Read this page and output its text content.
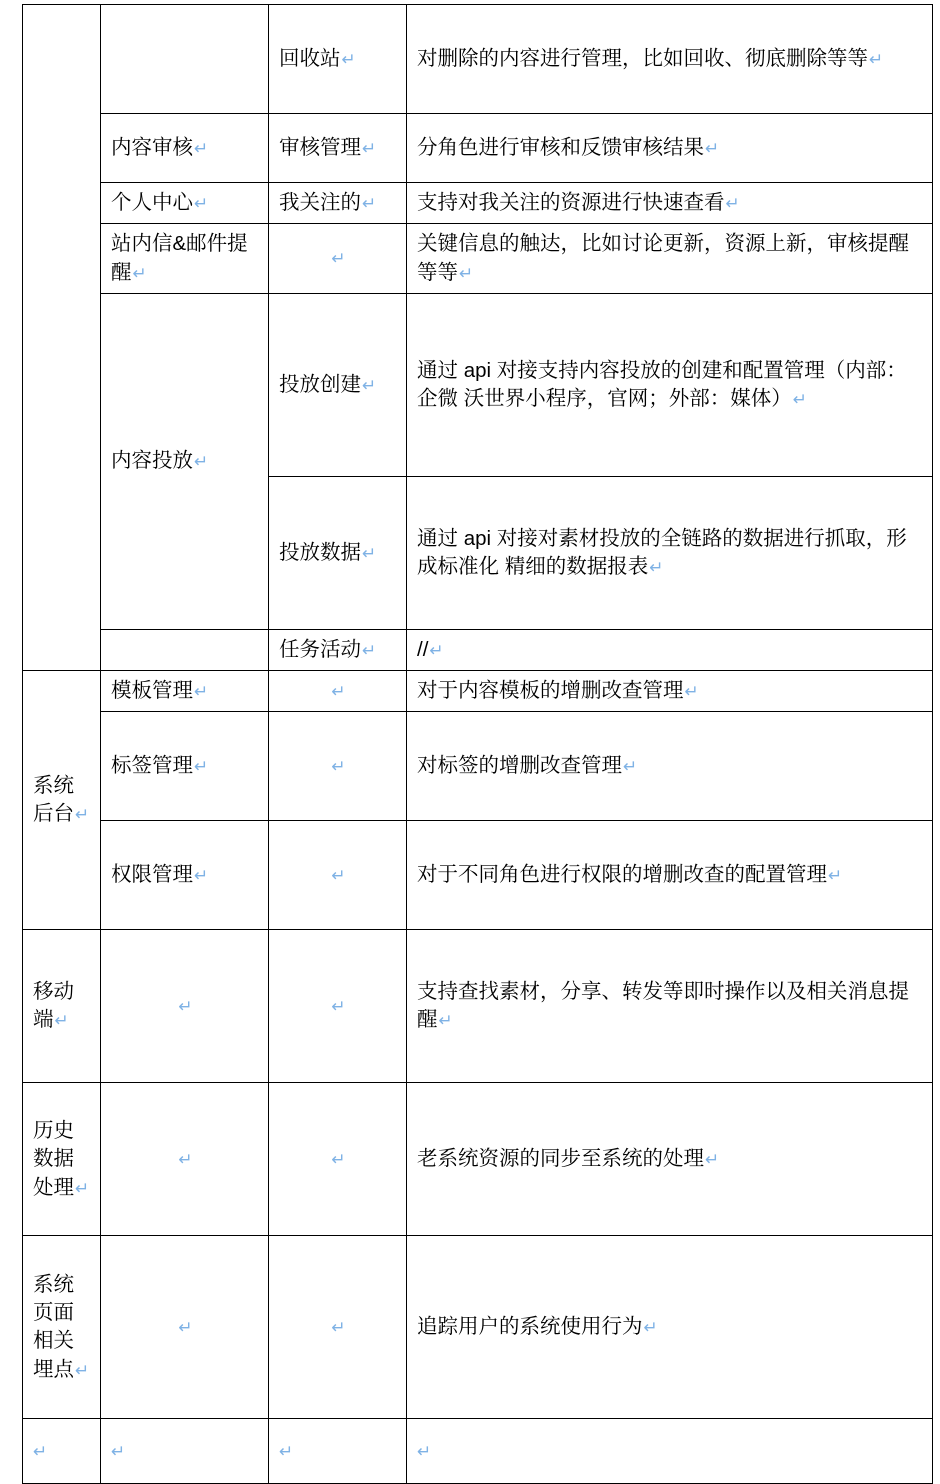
		回收站↵	对删除的内容进行管理，比如回收、彻底删除等等↵
	内容审核↵	审核管理↵	分角色进行审核和反馈审核结果↵
	个人中心↵	我关注的↵	支持对我关注的资源进行快速查看↵
	站内信&邮件提醒↵	↵	关键信息的触达，比如讨论更新，资源上新，审核提醒等等↵
	内容投放↵	投放创建↵	通过 api 对接支持内容投放的创建和配置管理（内部：企微 沃世界小程序，官网；外部：媒体）↵
		投放数据↵	通过 api 对接对素材投放的全链路的数据进行抓取，形成标准化 精细的数据报表↵
		任务活动↵	//↵
系统后台↵	模板管理↵	↵	对于内容模板的增删改查管理↵
	标签管理↵	↵	对标签的增删改查管理↵
	权限管理↵	↵	对于不同角色进行权限的增删改查的配置管理↵
移动端↵	↵	↵	支持查找素材，分享、转发等即时操作以及相关消息提醒↵
历史数据处理↵	↵	↵	老系统资源的同步至系统的处理↵
系统页面相关埋点↵	↵	↵	追踪用户的系统使用行为↵
↵	↵	↵	↵
